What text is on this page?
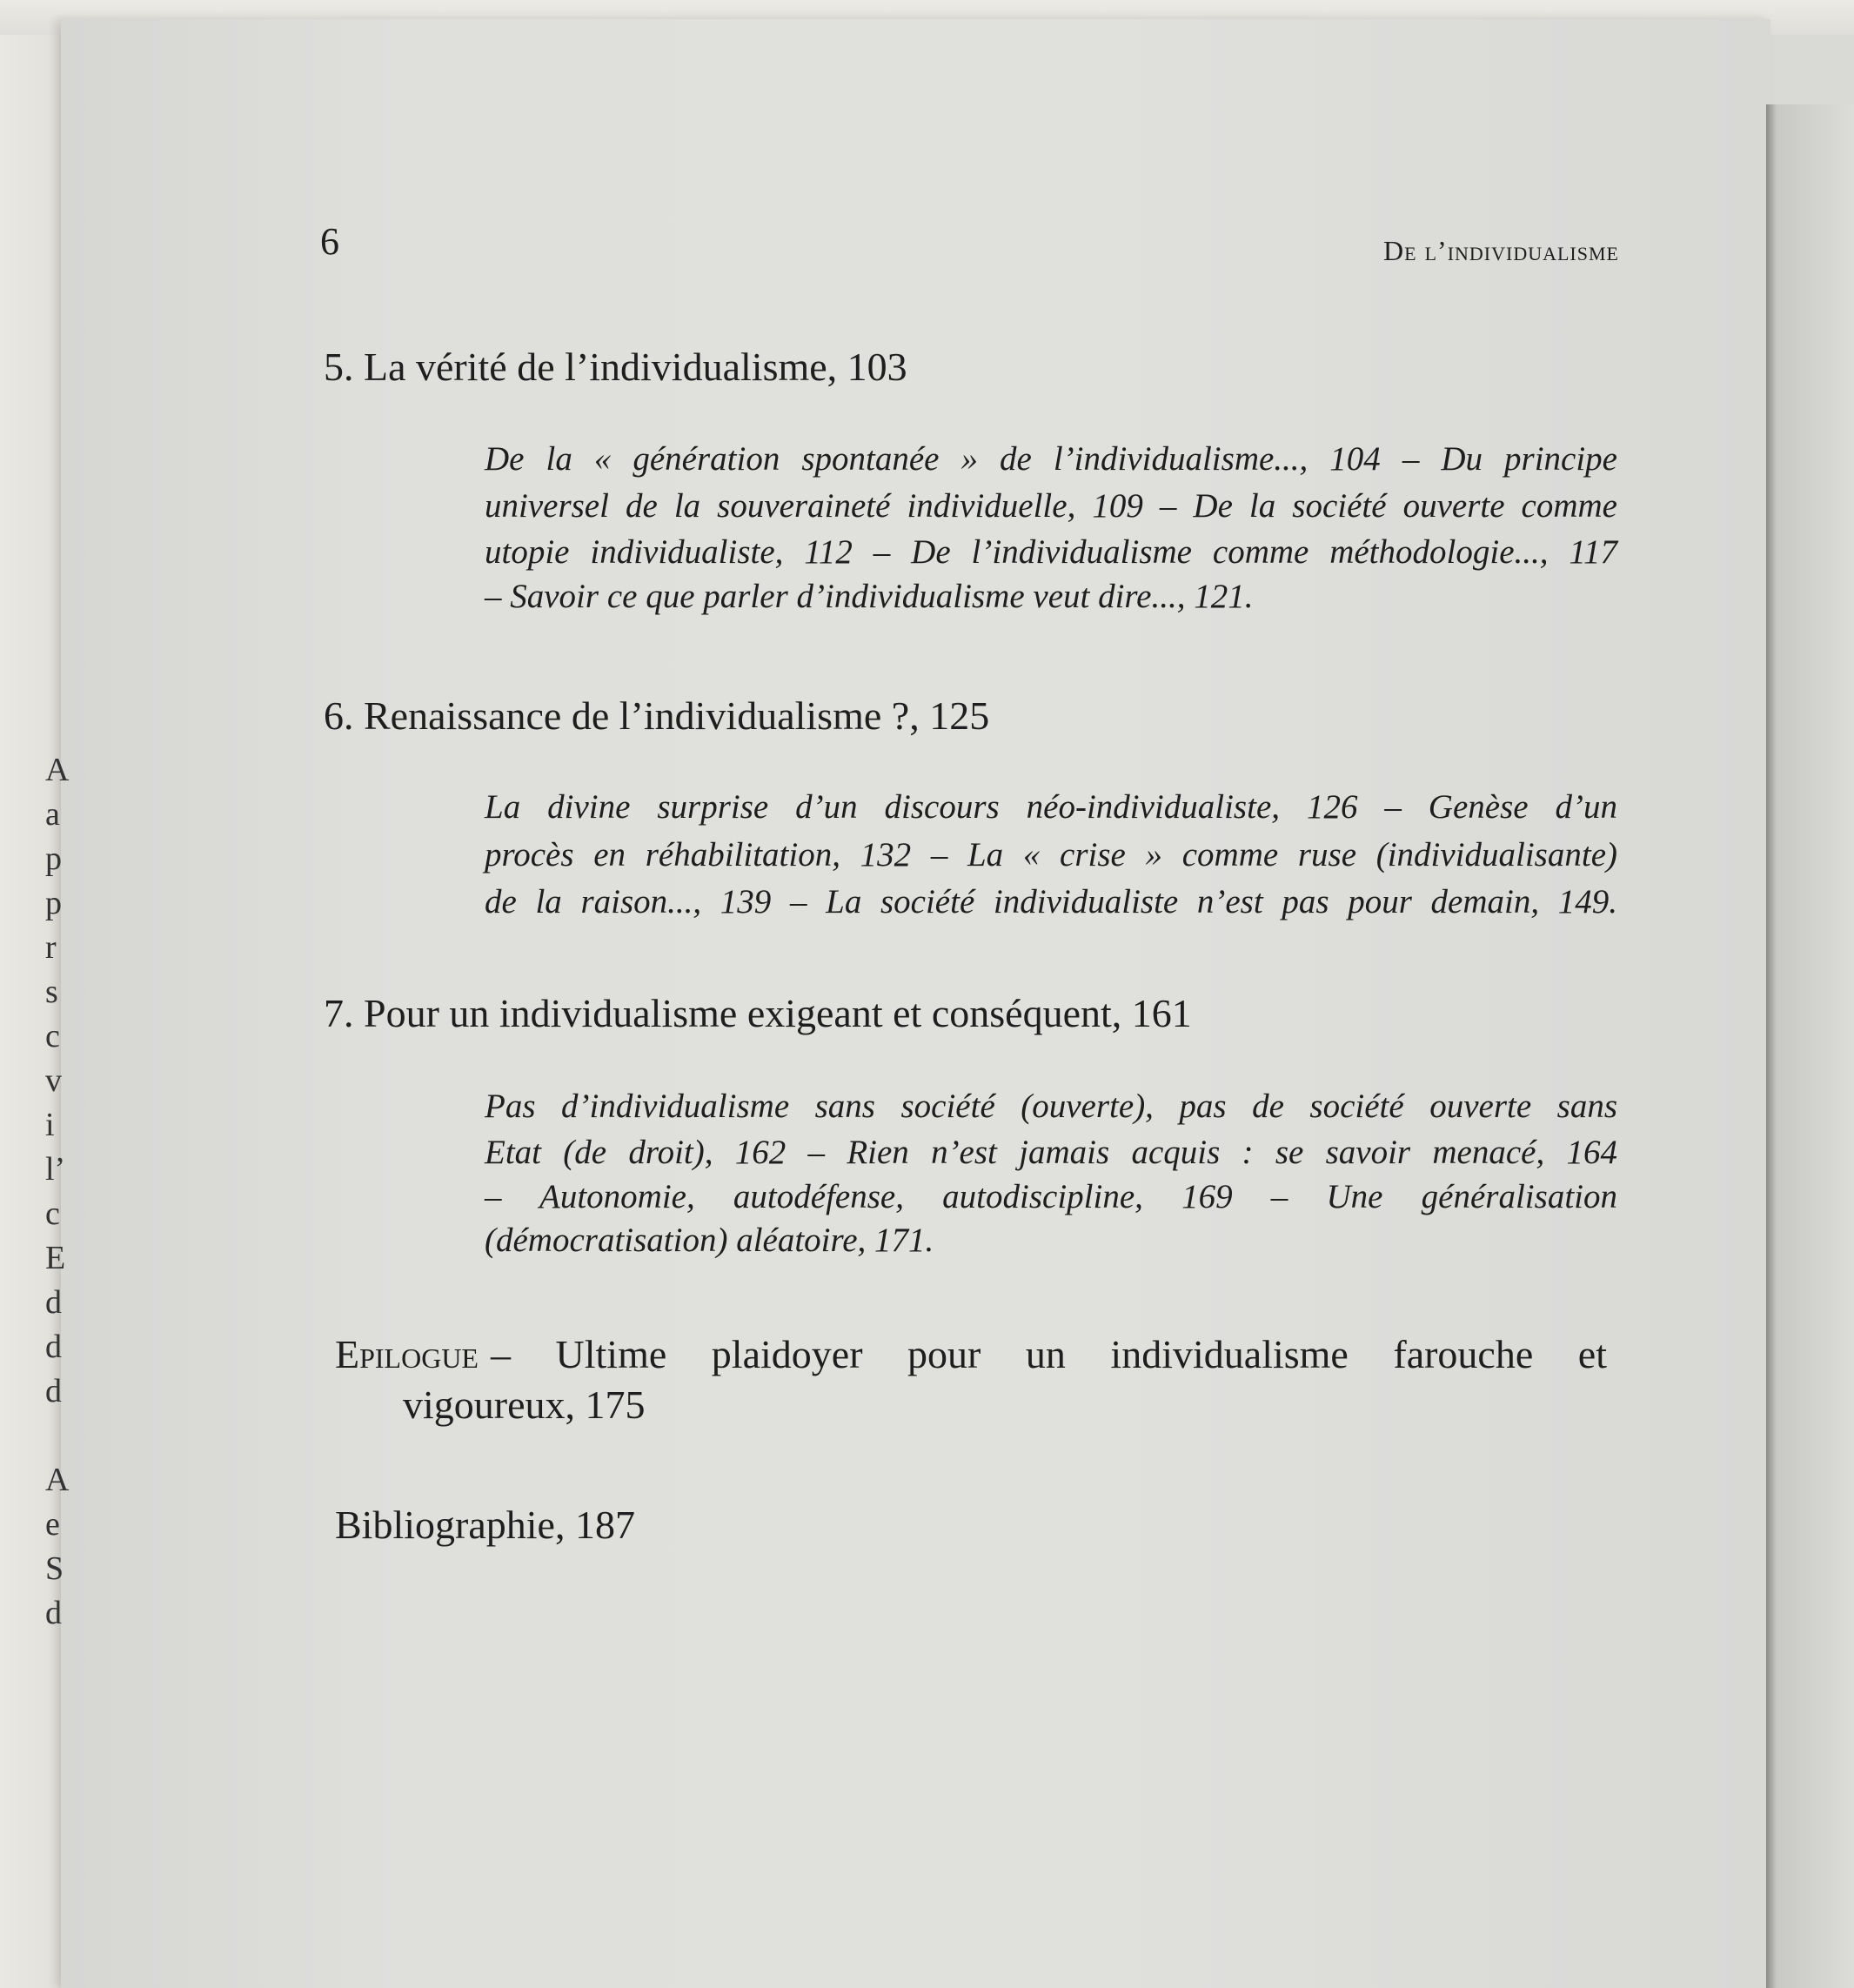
A
a
p
p
r
s
c
v
i
l’
c
E
d
d
d

A
e
S
d
6	De l’individualisme
5. La vérité de l’individualisme, 103
De la « génération spontanée » de l’individualisme..., 104 – Du principe
universel de la souveraineté individuelle, 109 – De la société ouverte comme
utopie individualiste, 112 – De l’individualisme comme méthodologie..., 117
– Savoir ce que parler d’individualisme veut dire..., 121.
6. Renaissance de l’individualisme ?, 125
La divine surprise d’un discours néo-individualiste, 126 – Genèse d’un
procès en réhabilitation, 132 – La « crise » comme ruse (individualisante)
de la raison..., 139 – La société individualiste n’est pas pour demain, 149.
7. Pour un individualisme exigeant et conséquent, 161
Pas d’individualisme sans société (ouverte), pas de société ouverte sans
Etat (de droit), 162 – Rien n’est jamais acquis : se savoir menacé, 164
– Autonomie, autodéfense, autodiscipline, 169 – Une généralisation
(démocratisation) aléatoire, 171.
Epilogue – Ultime plaidoyer pour un individualisme farouche et
vigoureux, 175
Bibliographie, 187
